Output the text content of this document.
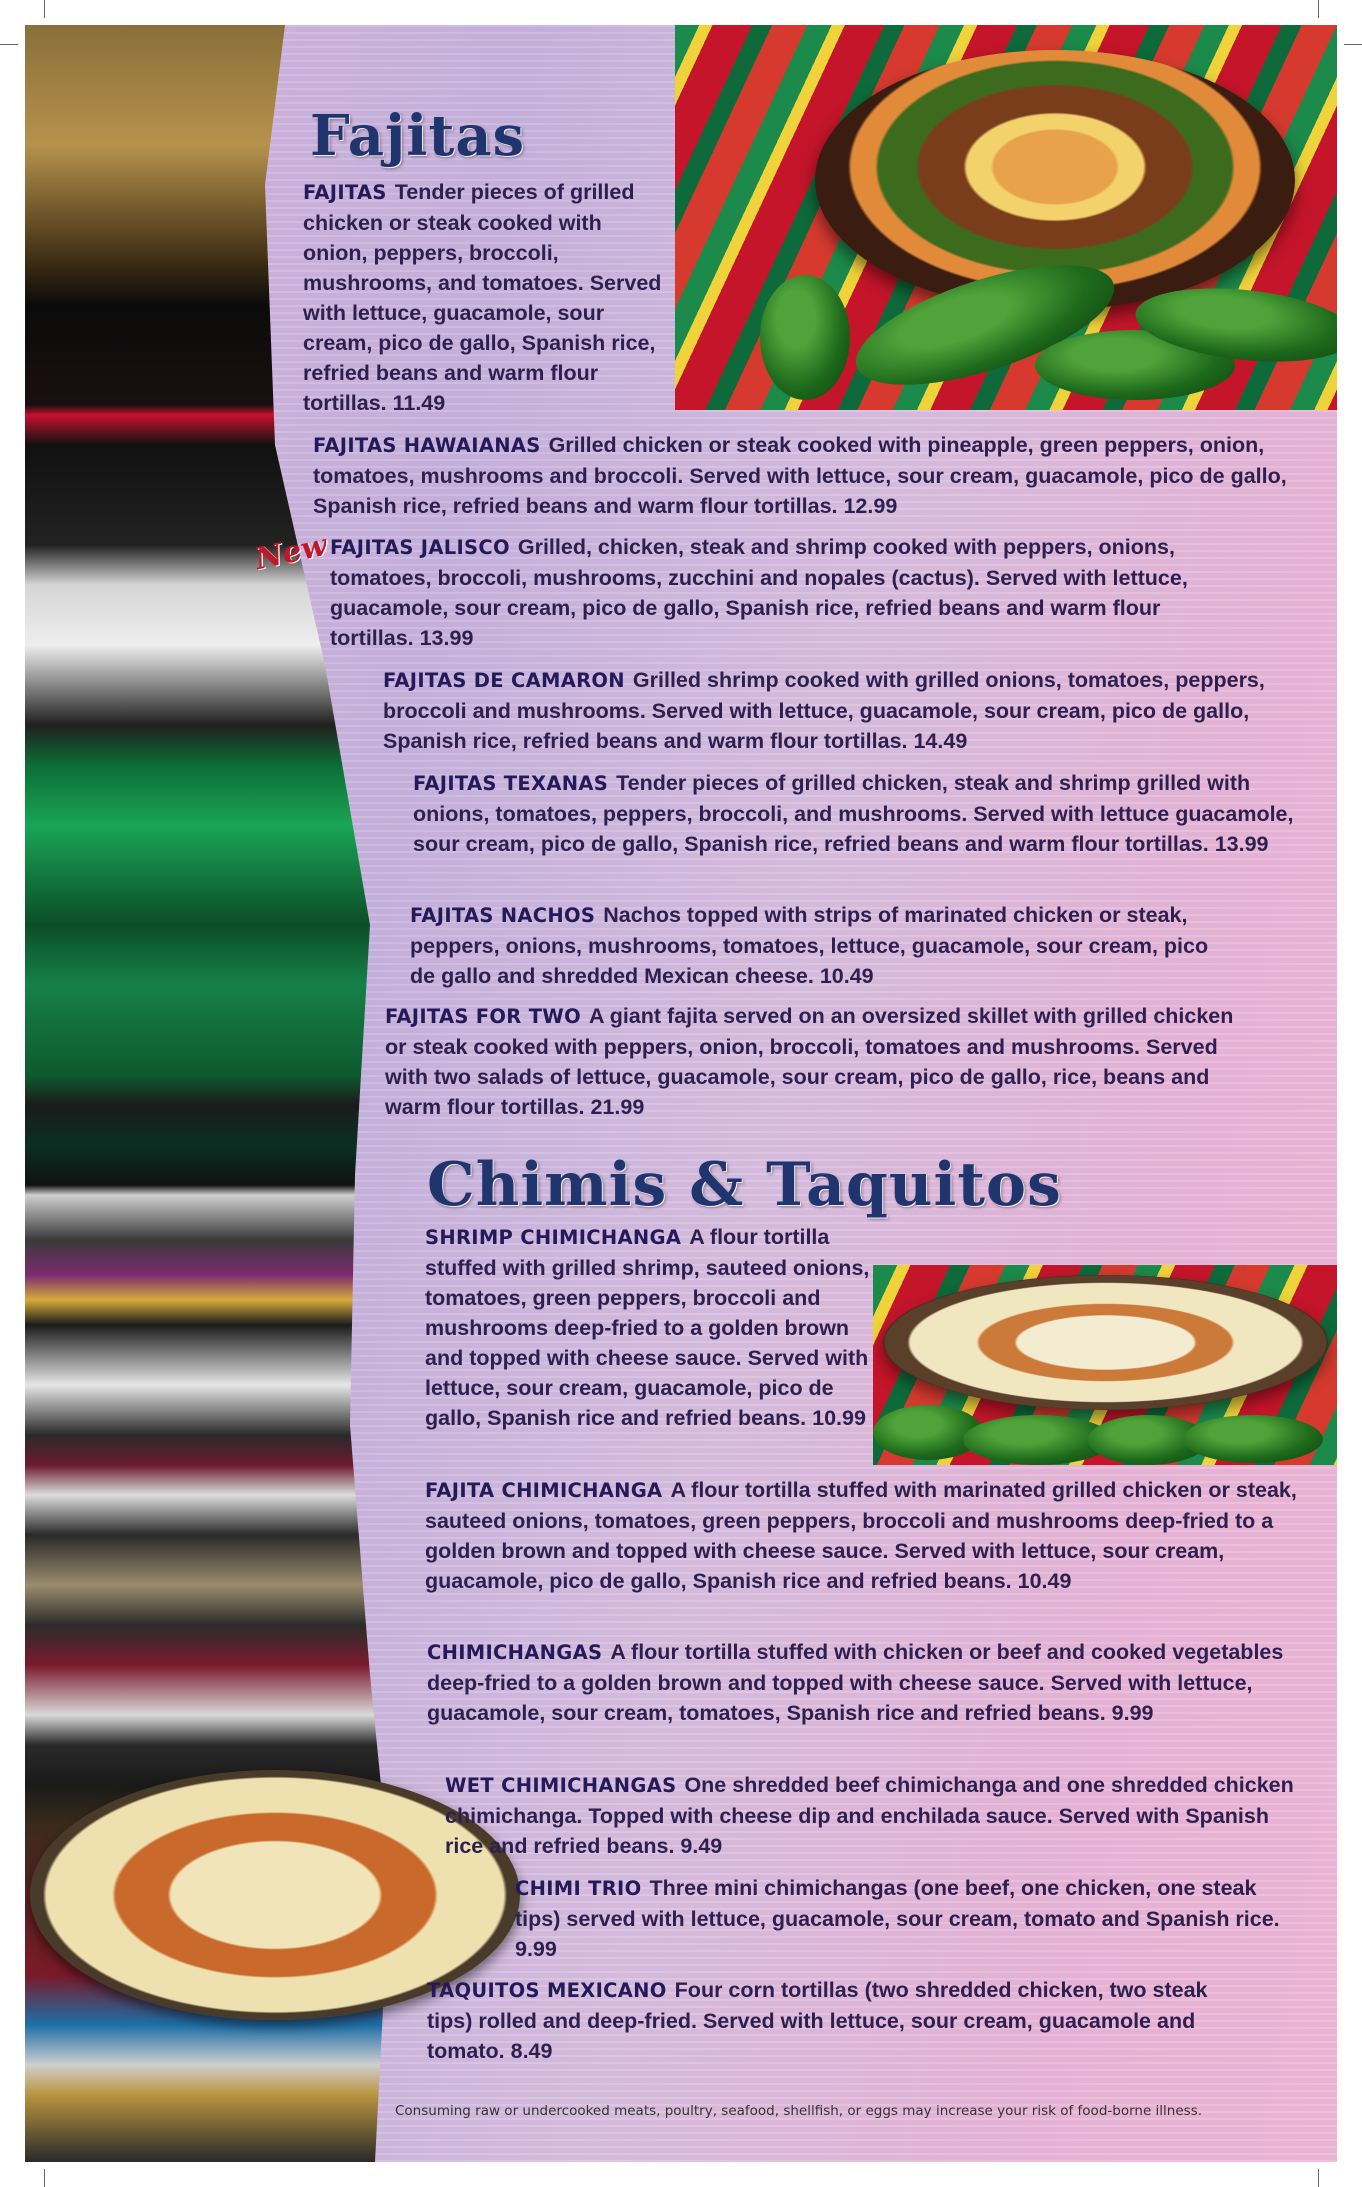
Fajitas

FAJITAS Tender pieces of grilled chicken or steak cooked with onion, peppers, broccoli, mushrooms, and tomatoes. Served with lettuce, guacamole, sour cream, pico de gallo, Spanish rice, refried beans and warm flour tortillas. 11.49

FAJITAS HAWAIANAS Grilled chicken or steak cooked with pineapple, green peppers, onion, tomatoes, mushrooms and broccoli. Served with lettuce, sour cream, guacamole, pico de gallo, Spanish rice, refried beans and warm flour tortillas. 12.99

New FAJITAS JALISCO Grilled, chicken, steak and shrimp cooked with peppers, onions, tomatoes, broccoli, mushrooms, zucchini and nopales (cactus). Served with lettuce, guacamole, sour cream, pico de gallo, Spanish rice, refried beans and warm flour tortillas. 13.99

FAJITAS DE CAMARON Grilled shrimp cooked with grilled onions, tomatoes, peppers, broccoli and mushrooms. Served with lettuce, guacamole, sour cream, pico de gallo, Spanish rice, refried beans and warm flour tortillas. 14.49

FAJITAS TEXANAS Tender pieces of grilled chicken, steak and shrimp grilled with onions, tomatoes, peppers, broccoli, and mushrooms. Served with lettuce guacamole, sour cream, pico de gallo, Spanish rice, refried beans and warm flour tortillas. 13.99

FAJITAS NACHOS Nachos topped with strips of marinated chicken or steak, peppers, onions, mushrooms, tomatoes, lettuce, guacamole, sour cream, pico de gallo and shredded Mexican cheese. 10.49

FAJITAS FOR TWO A giant fajita served on an oversized skillet with grilled chicken or steak cooked with peppers, onion, broccoli, tomatoes and mushrooms. Served with two salads of lettuce, guacamole, sour cream, pico de gallo, rice, beans and warm flour tortillas. 21.99

Chimis & Taquitos

SHRIMP CHIMICHANGA A flour tortilla stuffed with grilled shrimp, sauteed onions, tomatoes, green peppers, broccoli and mushrooms deep-fried to a golden brown and topped with cheese sauce. Served with lettuce, sour cream, guacamole, pico de gallo, Spanish rice and refried beans. 10.99

FAJITA CHIMICHANGA A flour tortilla stuffed with marinated grilled chicken or steak, sauteed onions, tomatoes, green peppers, broccoli and mushrooms deep-fried to a golden brown and topped with cheese sauce. Served with lettuce, sour cream, guacamole, pico de gallo, Spanish rice and refried beans. 10.49

CHIMICHANGAS A flour tortilla stuffed with chicken or beef and cooked vegetables deep-fried to a golden brown and topped with cheese sauce. Served with lettuce, guacamole, sour cream, tomatoes, Spanish rice and refried beans. 9.99

WET CHIMICHANGAS One shredded beef chimichanga and one shredded chicken chimichanga. Topped with cheese dip and enchilada sauce. Served with Spanish rice and refried beans. 9.49

CHIMI TRIO Three mini chimichangas (one beef, one chicken, one steak tips) served with lettuce, guacamole, sour cream, tomato and Spanish rice. 9.99

TAQUITOS MEXICANO Four corn tortillas (two shredded chicken, two steak tips) rolled and deep-fried. Served with lettuce, sour cream, guacamole and tomato. 8.49

Consuming raw or undercooked meats, poultry, seafood, shellfish, or eggs may increase your risk of food-borne illness.
